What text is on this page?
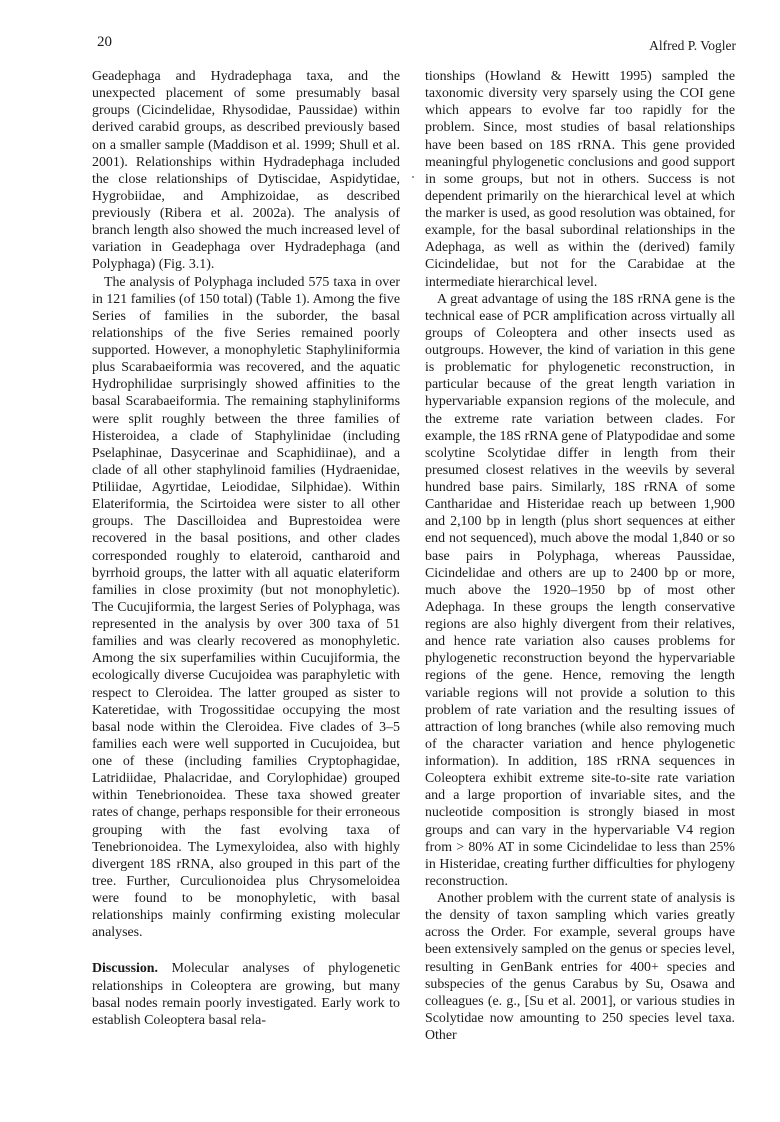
20	Alfred P. Vogler

Geadephaga and Hydradephaga taxa, and the unexpected placement of some presumably basal groups (Cicindelidae, Rhysodidae, Paussidae) within derived carabid groups, as described previously based on a smaller sample (Maddison et al. 1999; Shull et al. 2001). Relationships within Hydradephaga included the close relationships of Dytiscidae, Aspidytidae, Hygrobiidae, and Amphizoidae, as described previously (Ribera et al. 2002a). The analysis of branch length also showed the much increased level of variation in Geadephaga over Hydradephaga (and Polyphaga) (Fig. 3.1).

The analysis of Polyphaga included 575 taxa in over in 121 families (of 150 total) (Table 1). Among the five Series of families in the suborder, the basal relationships of the five Series remained poorly supported. However, a monophyletic Staphyliniformia plus Scarabaeiformia was recovered, and the aquatic Hydrophilidae surprisingly showed affinities to the basal Scarabaeiformia. The remaining staphyliniforms were split roughly between the three families of Histeroidea, a clade of Staphylinidae (including Pselaphinae, Dasycerinae and Scaphidiinae), and a clade of all other staphylinoid families (Hydraenidae, Ptiliidae, Agyrtidae, Leiodidae, Silphidae). Within Elateriformia, the Scirtoidea were sister to all other groups. The Dascilloidea and Buprestoidea were recovered in the basal positions, and other clades corresponded roughly to elateroid, cantharoid and byrrhoid groups, the latter with all aquatic elateriform families in close proximity (but not monophyletic). The Cucujiformia, the largest Series of Polyphaga, was represented in the analysis by over 300 taxa of 51 families and was clearly recovered as monophyletic. Among the six superfamilies within Cucujiformia, the ecologically diverse Cucujoidea was paraphyletic with respect to Cleroidea. The latter grouped as sister to Kateretidae, with Trogossitidae occupying the most basal node within the Cleroidea. Five clades of 3–5 families each were well supported in Cucujoidea, but one of these (including families Cryptophagidae, Latridiidae, Phalacridae, and Corylophidae) grouped within Tenebrionoidea. These taxa showed greater rates of change, perhaps responsible for their erroneous grouping with the fast evolving taxa of Tenebrionoidea. The Lymexyloidea, also with highly divergent 18S rRNA, also grouped in this part of the tree. Further, Curculionoidea plus Chrysomeloidea were found to be monophyletic, with basal relationships mainly confirming existing molecular analyses.

Discussion. Molecular analyses of phylogenetic relationships in Coleoptera are growing, but many basal nodes remain poorly investigated. Early work to establish Coleoptera basal rela-

tionships (Howland & Hewitt 1995) sampled the taxonomic diversity very sparsely using the COI gene which appears to evolve far too rapidly for the problem. Since, most studies of basal relationships have been based on 18S rRNA. This gene provided meaningful phylogenetic conclusions and good support in some groups, but not in others. Success is not dependent primarily on the hierarchical level at which the marker is used, as good resolution was obtained, for example, for the basal subordinal relationships in the Adephaga, as well as within the (derived) family Cicindelidae, but not for the Carabidae at the intermediate hierarchical level.

A great advantage of using the 18S rRNA gene is the technical ease of PCR amplification across virtually all groups of Coleoptera and other insects used as outgroups. However, the kind of variation in this gene is problematic for phylogenetic reconstruction, in particular because of the great length variation in hypervariable expansion regions of the molecule, and the extreme rate variation between clades. For example, the 18S rRNA gene of Platypodidae and some scolytine Scolytidae differ in length from their presumed closest relatives in the weevils by several hundred base pairs. Similarly, 18S rRNA of some Cantharidae and Histeridae reach up between 1,900 and 2,100 bp in length (plus short sequences at either end not sequenced), much above the modal 1,840 or so base pairs in Polyphaga, whereas Paussidae, Cicindelidae and others are up to 2400 bp or more, much above the 1920–1950 bp of most other Adephaga. In these groups the length conservative regions are also highly divergent from their relatives, and hence rate variation also causes problems for phylogenetic reconstruction beyond the hypervariable regions of the gene. Hence, removing the length variable regions will not provide a solution to this problem of rate variation and the resulting issues of attraction of long branches (while also removing much of the character variation and hence phylogenetic information). In addition, 18S rRNA sequences in Coleoptera exhibit extreme site-to-site rate variation and a large proportion of invariable sites, and the nucleotide composition is strongly biased in most groups and can vary in the hypervariable V4 region from > 80% AT in some Cicindelidae to less than 25% in Histeridae, creating further difficulties for phylogeny reconstruction.

Another problem with the current state of analysis is the density of taxon sampling which varies greatly across the Order. For example, several groups have been extensively sampled on the genus or species level, resulting in GenBank entries for 400+ species and subspecies of the genus Carabus by Su, Osawa and colleagues (e. g., [Su et al. 2001], or various studies in Scolytidae now amounting to 250 species level taxa. Other
